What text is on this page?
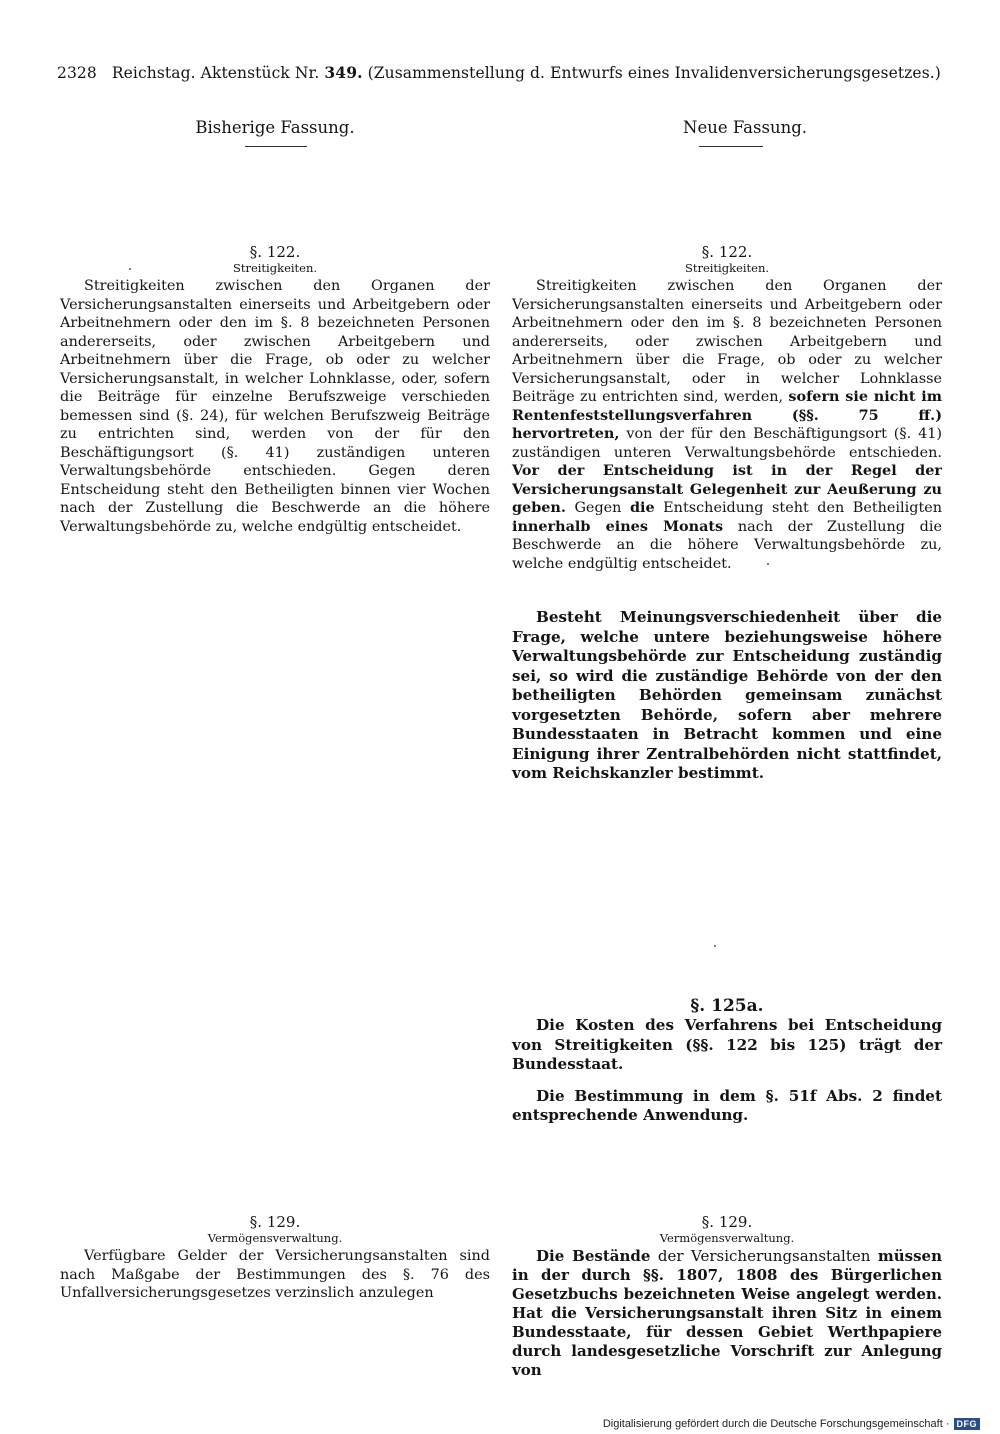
2328 Reichstag. Aktenstück Nr. 349. (Zusammenstellung d. Entwurfs eines Invalidenversicherungsgesetzes.)
Bisherige Fassung.	Neue Fassung.
§. 122.
Streitigkeiten.

Streitigkeiten zwischen den Organen der Versicherungsanstalten einerseits und Arbeitgebern oder Arbeitnehmern oder den im §. 8 bezeichneten Personen andererseits, oder zwischen Arbeitgebern und Arbeitnehmern über die Frage, ob oder zu welcher Versicherungsanstalt, in welcher Lohnklasse, oder, sofern die Beiträge für einzelne Berufszweige verschieden bemessen sind (§. 24), für welchen Berufszweig Beiträge zu entrichten sind, werden von der für den Beschäftigungsort (§. 41) zuständigen unteren Verwaltungsbehörde entschieden. Gegen deren Entscheidung steht den Betheiligten binnen vier Wochen nach der Zustellung die Beschwerde an die höhere Verwaltungsbehörde zu, welche endgültig entscheidet.

§. 122.
Streitigkeiten.

Streitigkeiten zwischen den Organen der Versicherungsanstalten einerseits und Arbeitgebern oder Arbeitnehmern oder den im §. 8 bezeichneten Personen andererseits, oder zwischen Arbeitgebern und Arbeitnehmern über die Frage, ob oder zu welcher Versicherungsanstalt, oder in welcher Lohnklasse Beiträge zu entrichten sind, werden, sofern sie nicht im Rentenfeststellungsverfahren (§§. 75 ff.) hervortreten, von der für den Beschäftigungsort (§. 41) zuständigen unteren Verwaltungsbehörde entschieden. Vor der Entscheidung ist in der Regel der Versicherungsanstalt Gelegenheit zur Aeußerung zu geben. Gegen die Entscheidung steht den Betheiligten innerhalb eines Monats nach der Zustellung die Beschwerde an die höhere Verwaltungsbehörde zu, welche endgültig entscheidet.

Besteht Meinungsverschiedenheit über die Frage, welche untere beziehungsweise höhere Verwaltungsbehörde zur Entscheidung zuständig sei, so wird die zuständige Behörde von der den betheiligten Behörden gemeinsam zunächst vorgesetzten Behörde, sofern aber mehrere Bundesstaaten in Betracht kommen und eine Einigung ihrer Zentralbehörden nicht stattfindet, vom Reichskanzler bestimmt.

§. 125a.

Die Kosten des Verfahrens bei Entscheidung von Streitigkeiten (§§. 122 bis 125) trägt der Bundesstaat.

Die Bestimmung in dem §. 51f Abs. 2 findet entsprechende Anwendung.

§. 129.
Vermögensverwaltung.

Verfügbare Gelder der Versicherungsanstalten sind nach Maßgabe der Bestimmungen des §. 76 des Unfallversicherungsgesetzes verzinslich anzulegen

§. 129.
Vermögensverwaltung.

Die Bestände der Versicherungsanstalten müssen in der durch §§. 1807, 1808 des Bürgerlichen Gesetzbuchs bezeichneten Weise angelegt werden. Hat die Versicherungsanstalt ihren Sitz in einem Bundesstaate, für dessen Gebiet Werthpapiere durch landesgesetzliche Vorschrift zur Anlegung von

Digitalisierung gefördert durch die Deutsche Forschungsgemeinschaft · DFG
